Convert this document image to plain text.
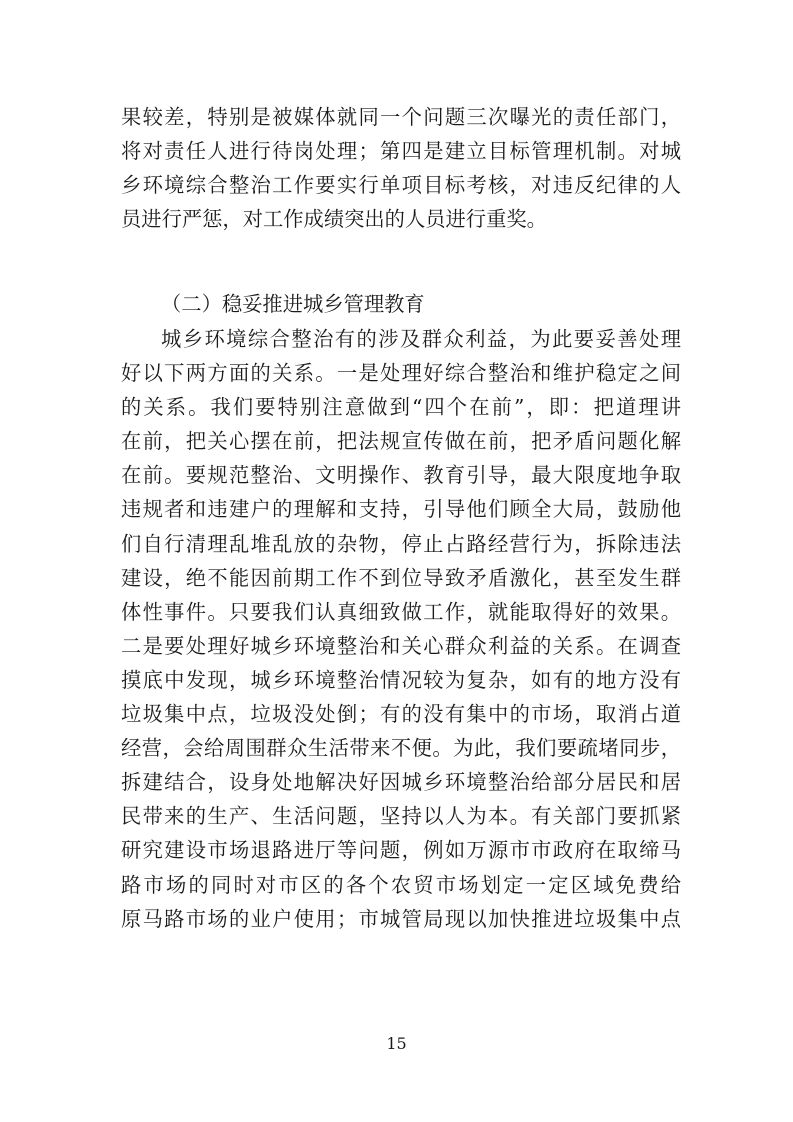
果较差，特别是被媒体就同一个问题三次曝光的责任部门，
将对责任人进行待岗处理；第四是建立目标管理机制。对城
乡环境综合整治工作要实行单项目标考核，对违反纪律的人
员进行严惩，对工作成绩突出的人员进行重奖。
（二）稳妥推进城乡管理教育
城乡环境综合整治有的涉及群众利益，为此要妥善处理
好以下两方面的关系。一是处理好综合整治和维护稳定之间
的关系。我们要特别注意做到“四个在前”，即：把道理讲
在前，把关心摆在前，把法规宣传做在前，把矛盾问题化解
在前。要规范整治、文明操作、教育引导，最大限度地争取
违规者和违建户的理解和支持，引导他们顾全大局，鼓励他
们自行清理乱堆乱放的杂物，停止占路经营行为，拆除违法
建设，绝不能因前期工作不到位导致矛盾激化，甚至发生群
体性事件。只要我们认真细致做工作，就能取得好的效果。
二是要处理好城乡环境整治和关心群众利益的关系。在调查
摸底中发现，城乡环境整治情况较为复杂，如有的地方没有
垃圾集中点，垃圾没处倒；有的没有集中的市场，取消占道
经营，会给周围群众生活带来不便。为此，我们要疏堵同步，
拆建结合，设身处地解决好因城乡环境整治给部分居民和居
民带来的生产、生活问题，坚持以人为本。有关部门要抓紧
研究建设市场退路进厅等问题，例如万源市市政府在取缔马
路市场的同时对市区的各个农贸市场划定一定区域免费给
原马路市场的业户使用；市城管局现以加快推进垃圾集中点
15
